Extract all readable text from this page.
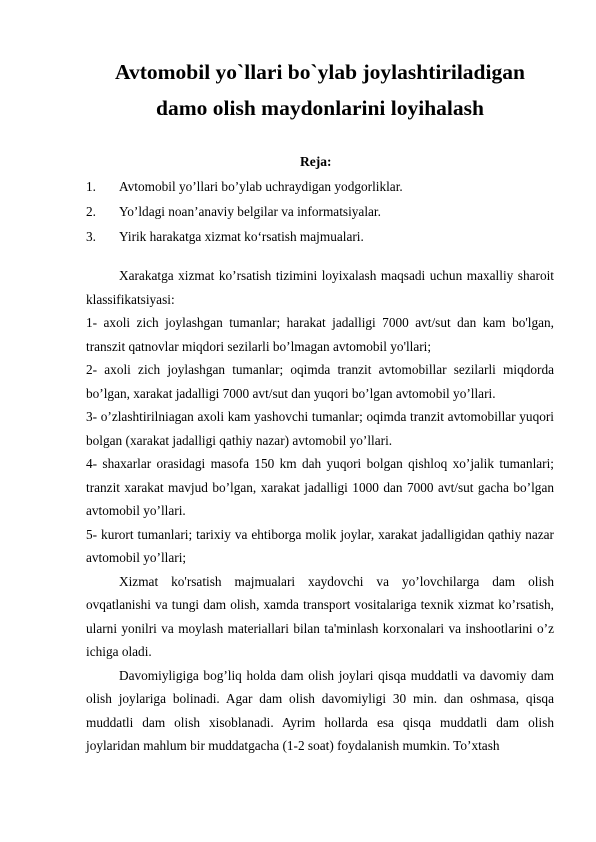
Avtomobil yo`llari bo`ylab joylashtiriladigan
damo olish maydonlarini loyihalash
Reja:
1. Avtomobil yo’llari bo’ylab uchraydigan yodgorliklar.
2. Yo’ldagi noan’anaviy belgilar va informatsiyalar.
3. Yirik harakatga xizmat ko‘rsatish majmualari.

Xarakatga xizmat ko’rsatish tizimini loyixalash maqsadi uchun maxalliy sharoit klassifikatsiyasi:

1- axoli zich joylashgan tumanlar; harakat jadalligi 7000 avt/sut dan kam bo'lgan, transzit qatnovlar miqdori sezilarli bo’lmagan avtomobil yo'llari;

2- axoli zich joylashgan tumanlar; oqimda tranzit avtomobillar sezilarli miqdorda bo’lgan, xarakat jadalligi 7000 avt/sut dan yuqori bo’lgan avtomobil yo’llari.

3- o’zlashtirilniagan axoli kam yashovchi tumanlar; oqimda tranzit avtomobillar yuqori bolgan (xarakat jadalligi qathiy nazar) avtomobil yo’llari.

4- shaxarlar orasidagi masofa 150 km dah yuqori bolgan qishloq xo’jalik tumanlari; tranzit xarakat mavjud bo’lgan, xarakat jadalligi 1000 dan 7000 avt/sut gacha bo’lgan avtomobil yo’llari.

5- kurort tumanlari; tarixiy va ehtiborga molik joylar, xarakat jadalligidan qathiy nazar avtomobil yo’llari;

Xizmat ko'rsatish majmualari xaydovchi va yo’lovchilarga dam olish ovqatlanishi va tungi dam olish, xamda transport vositalariga texnik xizmat ko’rsatish, ularni yonilri va moylash materiallari bilan ta'minlash korxonalari va inshootlarini o’z ichiga oladi.

Davomiyligiga bog’liq holda dam olish joylari qisqa muddatli va davomiy dam olish joylariga bolinadi. Agar dam olish davomiyligi 30 min. dan oshmasa, qisqa muddatli dam olish xisoblanadi. Ayrim hollarda esa qisqa muddatli dam olish joylaridan mahlum bir muddatgacha (1-2 soat) foydalanish mumkin. To’xtash
